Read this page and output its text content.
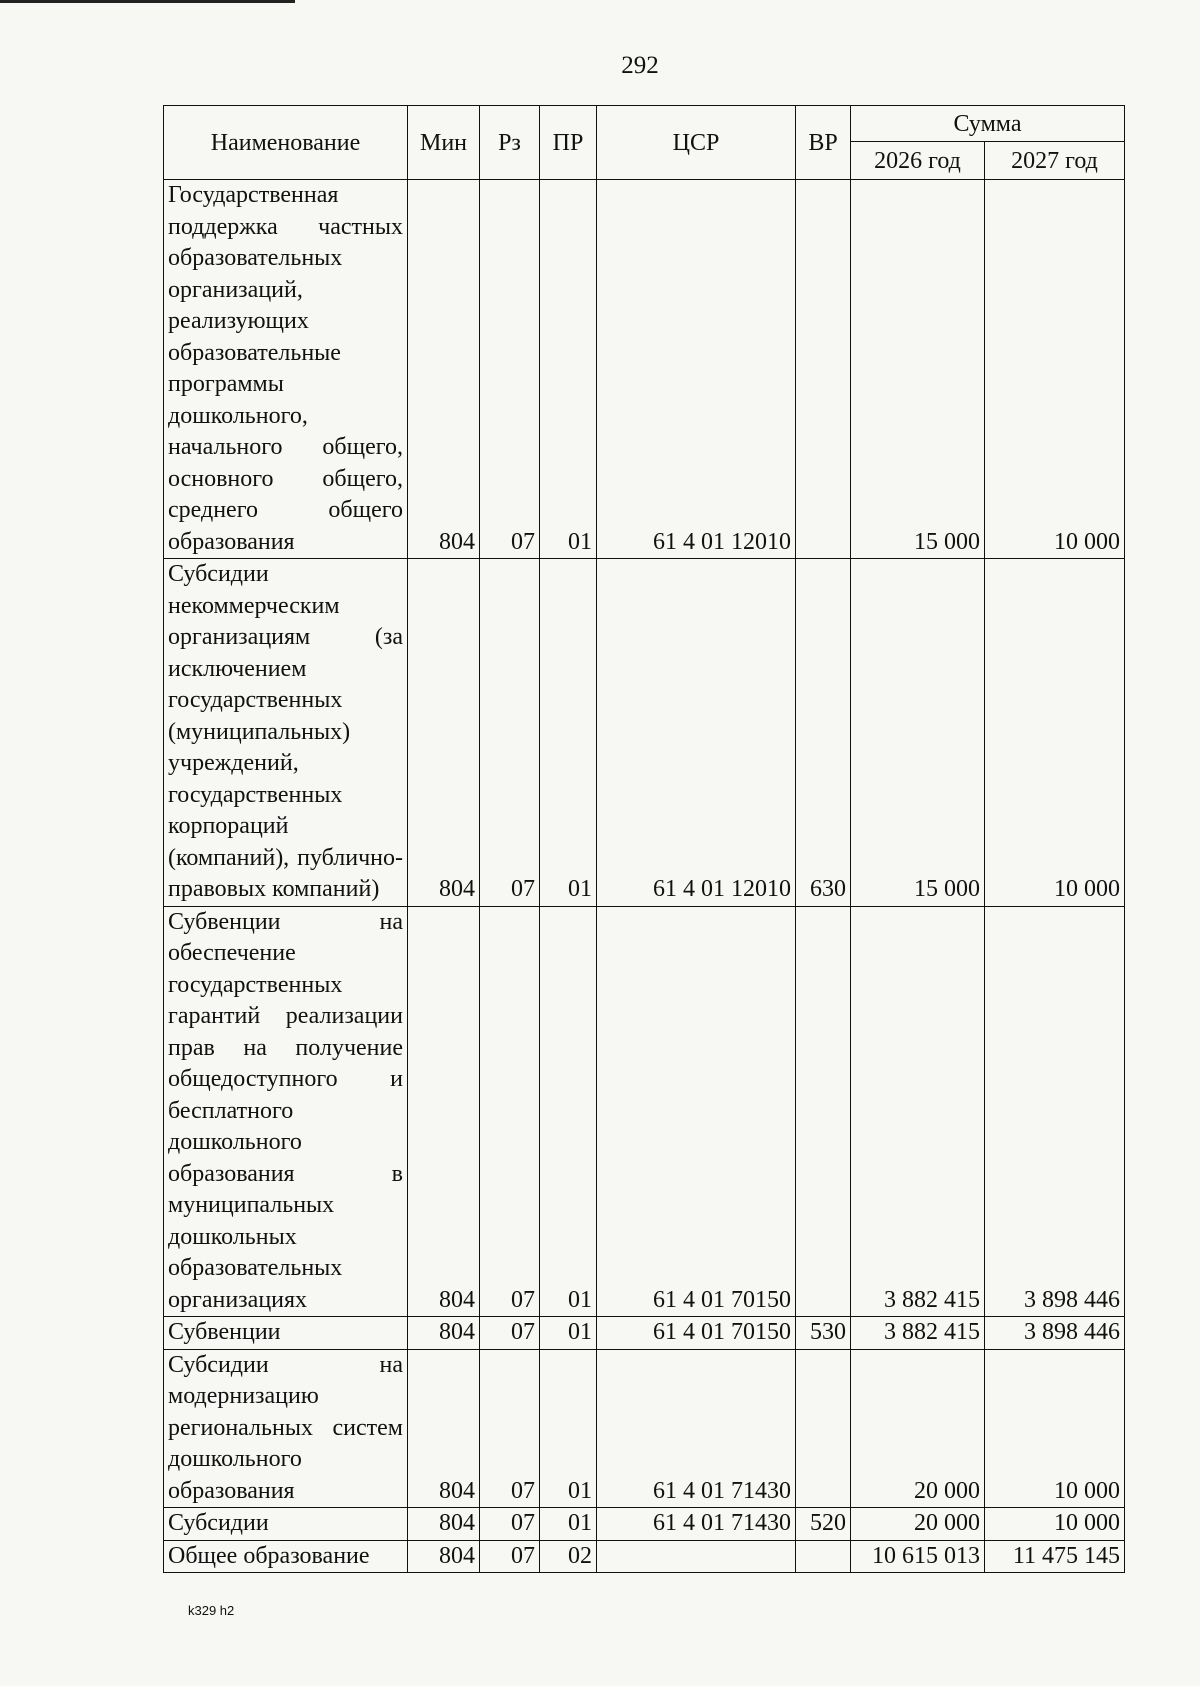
292
Наименование	Мин	Рз	ПР	ЦСР	ВР	Сумма	
						2026 год	2027 год
Государственная поддержка частных образовательных организаций, реализующих образовательные программы дошкольного, начального общего, основного общего, среднего общего образования	804	07	01	61 4 01 12010		15 000	10 000
Субсидии некоммерческим организациям (за исключением государственных (муниципальных) учреждений, государственных корпораций (компаний), публично-правовых компаний)	804	07	01	61 4 01 12010	630	15 000	10 000
Субвенции на обеспечение государственных гарантий реализации прав на получение общедоступного и бесплатного дошкольного образования в муниципальных дошкольных образовательных организациях	804	07	01	61 4 01 70150		3 882 415	3 898 446
Субвенции	804	07	01	61 4 01 70150	530	3 882 415	3 898 446
Субсидии на модернизацию региональных систем дошкольного образования	804	07	01	61 4 01 71430		20 000	10 000
Субсидии	804	07	01	61 4 01 71430	520	20 000	10 000
Общее образование	804	07	02			10 615 013	11 475 145
k329 h2
